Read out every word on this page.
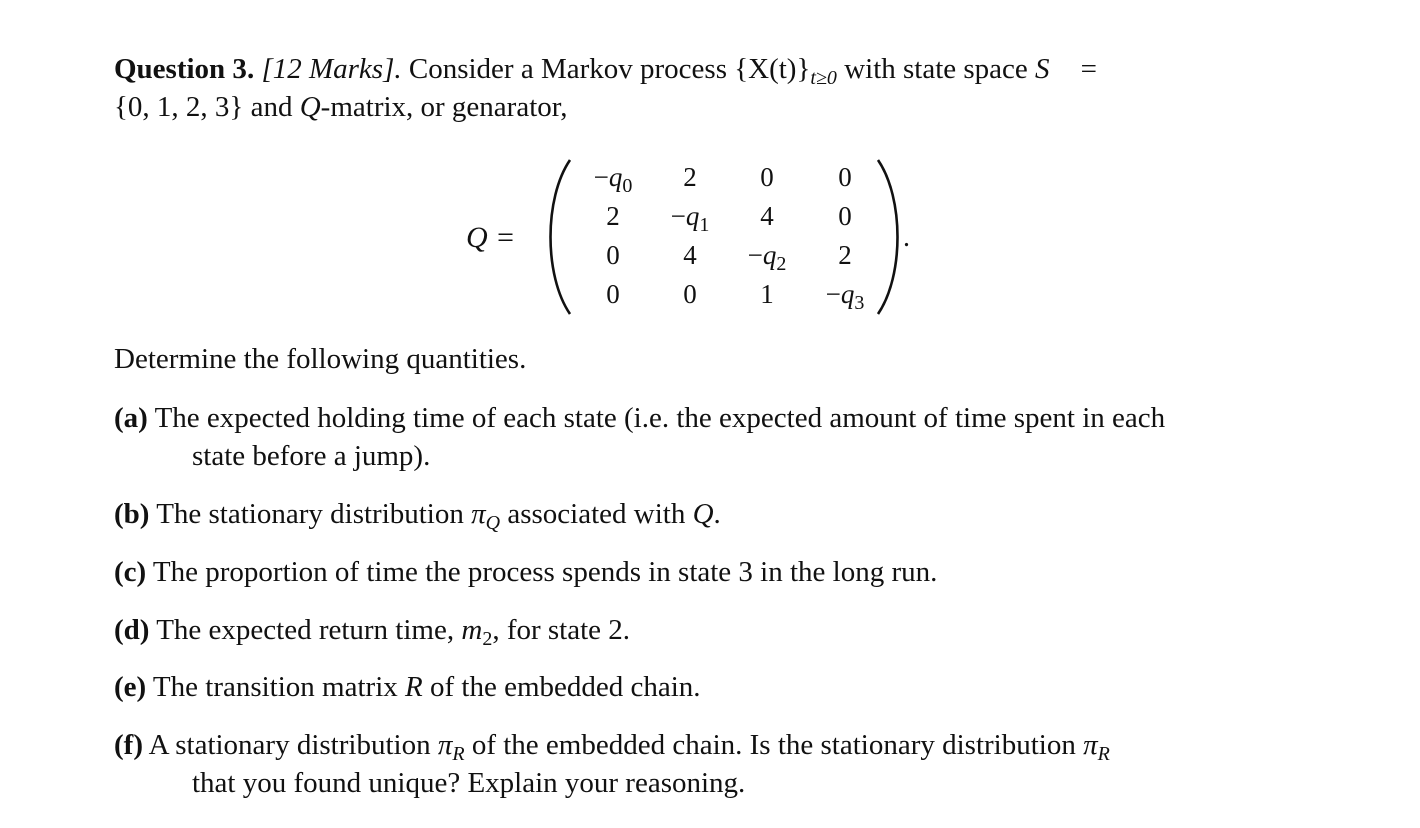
Question 3. [12 Marks]. Consider a Markov process $\{X(t)\}_{t\ge 0}$ with state space S =
{0, 1, 2, 3} and Q-matrix, or genarator,
Q =
$-q_0$	2	0	0
2	$-q_1$	4	0
0	4	$-q_2$	2
0	0	1	$-q_3$
.
Determine the following quantities.
(a) The expected holding time of each state (i.e. the expected amount of time spent in each
state before a jump).
(b) The stationary distribution $\pi_Q$ associated with Q.
(c) The proportion of time the process spends in state 3 in the long run.
(d) The expected return time, $m_2$, for state 2.
(e) The transition matrix R of the embedded chain.
(f) A stationary distribution $\pi_R$ of the embedded chain. Is the stationary distribution $\pi_R$
that you found unique? Explain your reasoning.
